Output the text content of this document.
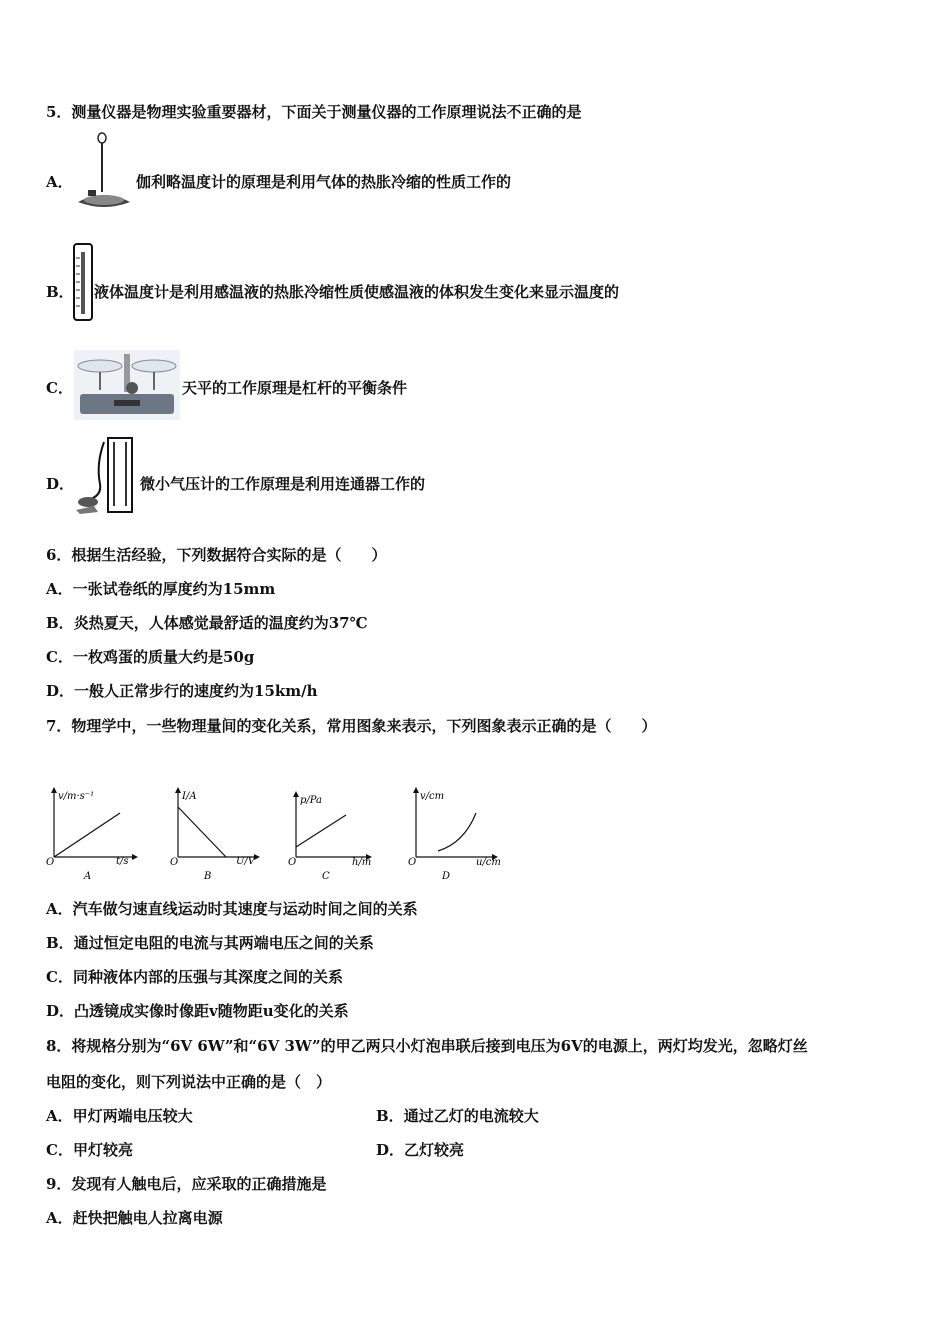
5．测量仪器是物理实验重要器材，下面关于测量仪器的工作原理说法不正确的是
A．	伽利略温度计的原理是利用气体的热胀冷缩的性质工作的
B． 液体温度计是利用感温液的热胀冷缩性质使感温液的体积发生变化来显示温度的
C．	天平的工作原理是杠杆的平衡条件
D．	微小气压计的工作原理是利用连通器工作的
6．根据生活经验，下列数据符合实际的是（　　）
A．一张试卷纸的厚度约为15mm
B．炎热夏天，人体感觉最舒适的温度约为37℃
C．一枚鸡蛋的质量大约是50g
D．一般人正常步行的速度约为15km/h
7．物理学中，一些物理量间的变化关系，常用图象来表示，下列图象表示正确的是（　　）
v/m·s⁻¹
t/s
O
A
I/A
U/V
O
B
p/Pa
h/m
O
C
v/cm
u/cm
O
D
A．汽车做匀速直线运动时其速度与运动时间之间的关系
B．通过恒定电阻的电流与其两端电压之间的关系
C．同种液体内部的压强与其深度之间的关系
D．凸透镜成实像时像距v随物距u变化的关系
8．将规格分别为“6V 6W”和“6V 3W”的甲乙两只小灯泡串联后接到电压为6V的电源上，两灯均发光，忽略灯丝
电阻的变化，则下列说法中正确的是（　）
A．甲灯两端电压较大	B．通过乙灯的电流较大
C．甲灯较亮	D．乙灯较亮
9．发现有人触电后，应采取的正确措施是
A．赶快把触电人拉离电源
